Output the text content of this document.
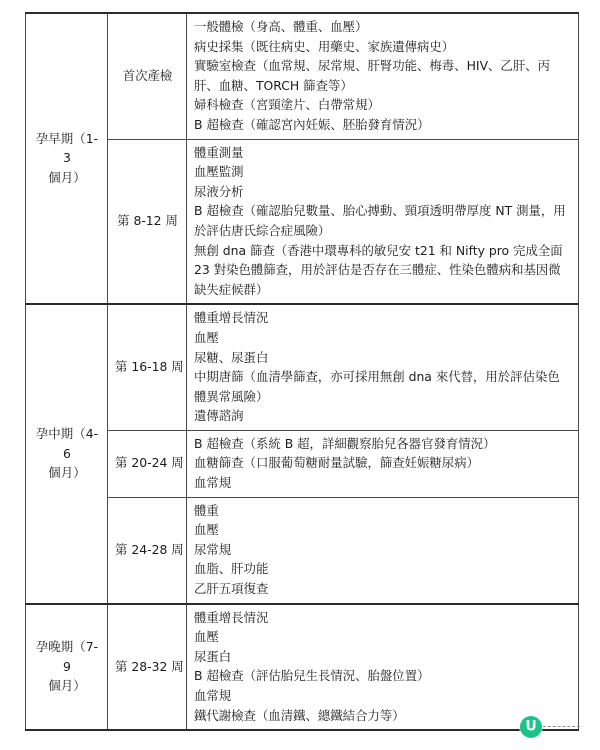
孕早期（1-3
個月）
	首次產檢	
一般體檢（身高、體重、血壓）
病史採集（既往病史、用藥史、家族遺傳病史）
實驗室檢查（血常規、尿常規、肝腎功能、梅毒、HIV、乙肝、丙肝、血糖、TORCH 篩查等）
婦科檢查（宮頸塗片、白帶常規）
B 超檢查（確認宮內妊娠、胚胎發育情況）

第 8-12 周	
體重測量
血壓監測
尿液分析
B 超檢查（確認胎兒數量、胎心搏動、頸項透明帶厚度 NT 測量，用於評估唐氏綜合症風險）
無創 dna 篩查（香港中環專科的敏兒安 t21 和 Nifty pro 完成全面 23 對染色體篩查，用於評估是否存在三體症、性染色體病和基因微缺失症候群）

孕中期（4-6
個月）
	第 16-18 周	
體重增長情況
血壓
尿糖、尿蛋白
中期唐篩（血清學篩查，亦可採用無創 dna 來代替，用於評估染色體異常風險）
遺傳諮詢

第 20-24 周	
B 超檢查（系統 B 超，詳細觀察胎兒各器官發育情況）
血糖篩查（口服葡萄糖耐量試驗，篩查妊娠糖尿病）
血常規

第 24-28 周	
體重
血壓
尿常規
血脂、肝功能
乙肝五項復查

孕晚期（7-9
個月）
	第 28-32 周	
體重增長情況
血壓
尿蛋白
B 超檢查（評估胎兒生長情況、胎盤位置）
血常規
鐵代謝檢查（血清鐵、總鐵結合力等）
U
